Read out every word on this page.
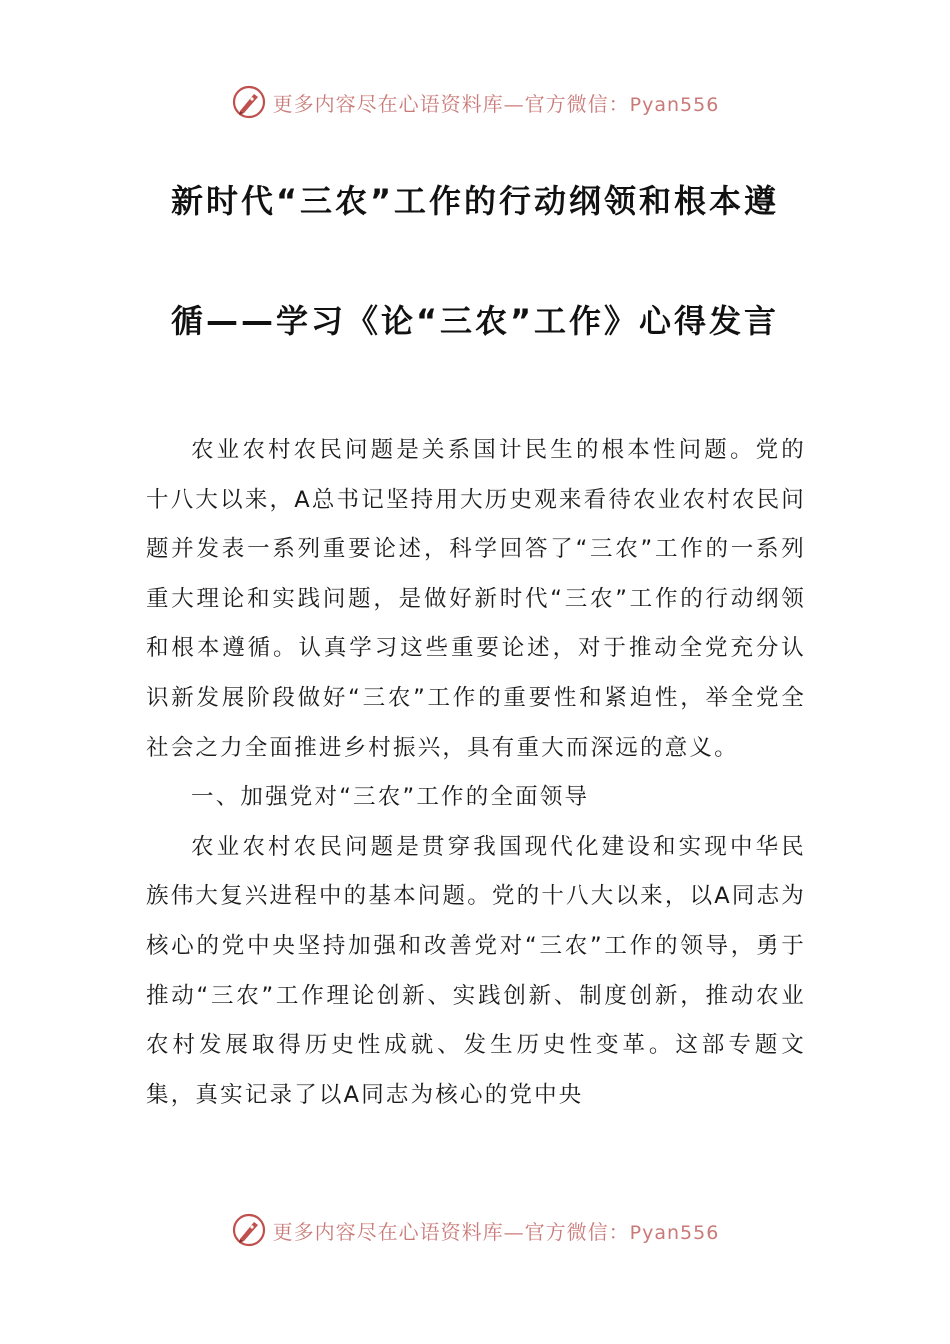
更多内容尽在心语资料库—官方微信：Pyan556
新时代“三农”工作的行动纲领和根本遵
循——学习《论“三农”工作》心得发言

农业农村农民问题是关系国计民生的根本性问题。党的十八大以来，A总书记坚持用大历史观来看待农业农村农民问题并发表一系列重要论述，科学回答了“三农”工作的一系列重大理论和实践问题，是做好新时代“三农”工作的行动纲领和根本遵循。认真学习这些重要论述，对于推动全党充分认识新发展阶段做好“三农”工作的重要性和紧迫性，举全党全社会之力全面推进乡村振兴，具有重大而深远的意义。

一、加强党对“三农”工作的全面领导

农业农村农民问题是贯穿我国现代化建设和实现中华民族伟大复兴进程中的基本问题。党的十八大以来，以A同志为核心的党中央坚持加强和改善党对“三农”工作的领导，勇于推动“三农”工作理论创新、实践创新、制度创新，推动农业农村发展取得历史性成就、发生历史性变革。这部专题文集，真实记录了以A同志为核心的党中央

更多内容尽在心语资料库—官方微信：Pyan556
